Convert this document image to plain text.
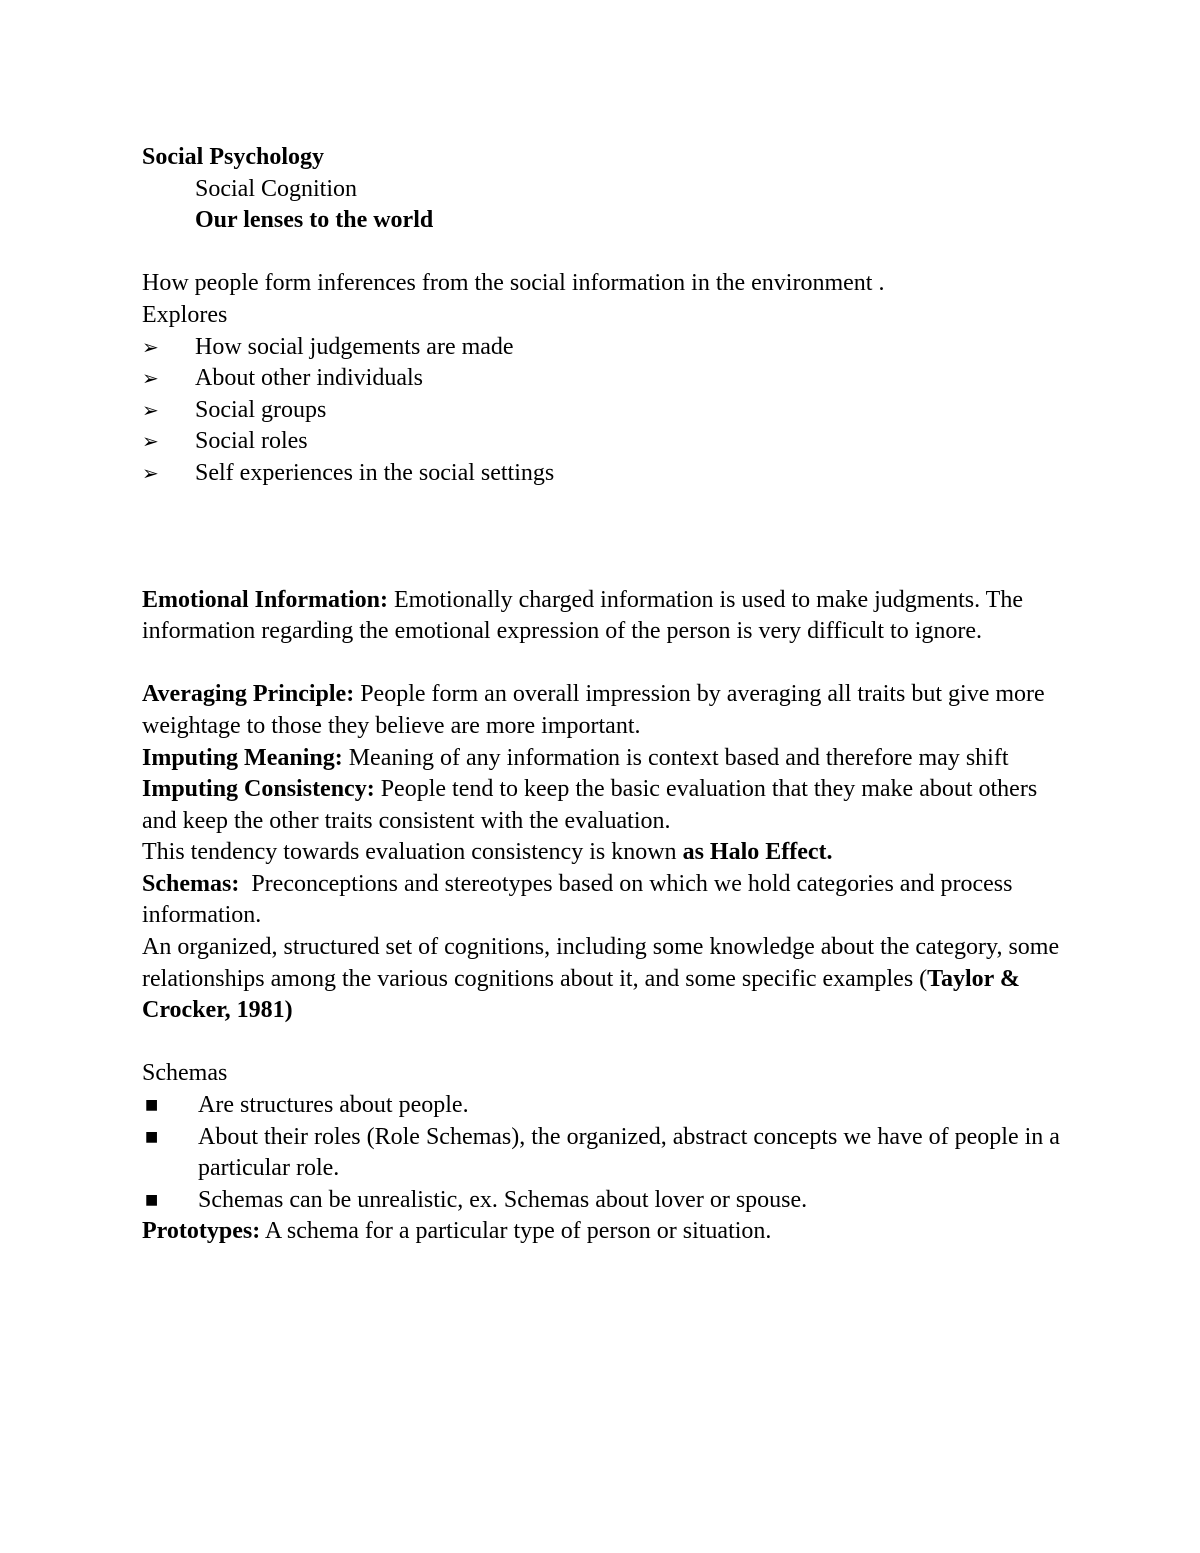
Social Psychology
Social Cognition
Our lenses to the world
How people form inferences from the social information in the environment .
Explores
➢	How social judgements are made
➢	About other individuals
➢	Social groups
➢	Social roles
➢	Self experiences in the social settings
Emotional Information: Emotionally charged information is used to make judgments. The information regarding the emotional expression of the person is very difficult to ignore.
Averaging Principle: People form an overall impression by averaging all traits but give more weightage to those they believe are more important.
Imputing Meaning: Meaning of any information is context based and therefore may shift
Imputing Consistency: People tend to keep the basic evaluation that they make about others and keep the other traits consistent with the evaluation.
This tendency towards evaluation consistency is known as Halo Effect.
Schemas: Preconceptions and stereotypes based on which we hold categories and process information.
An organized, structured set of cognitions, including some knowledge about the category, some relationships among the various cognitions about it, and some specific examples (Taylor & Crocker, 1981)
Schemas
■	Are structures about people.
■	About their roles (Role Schemas), the organized, abstract concepts we have of people in a particular role.
■	Schemas can be unrealistic, ex. Schemas about lover or spouse.
Prototypes: A schema for a particular type of person or situation.
